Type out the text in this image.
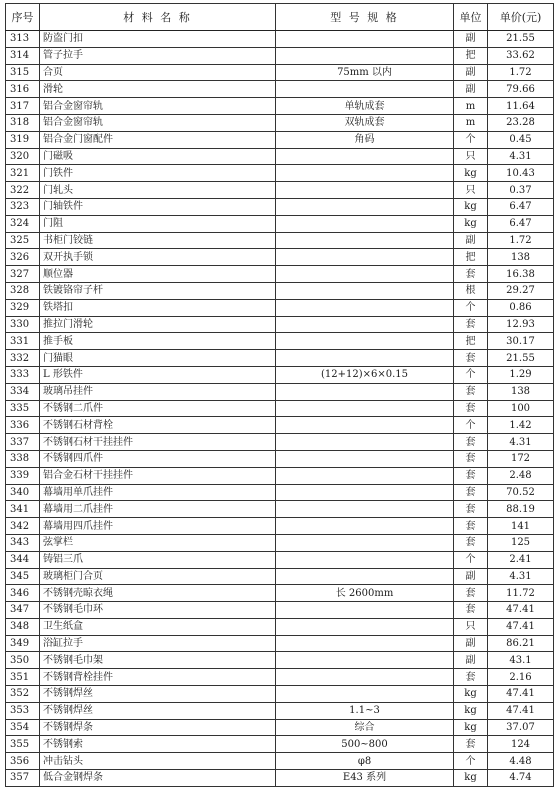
序号	材 料 名 称	型 号 规 格	单位	单价(元)
313	防盗门扣		副	21.55
314	管子拉手		把	33.62
315	合页	75mm 以内	副	1.72
316	滑轮		副	79.66
317	铝合金窗帘轨	单轨成套	m	11.64
318	铝合金窗帘轨	双轨成套	m	23.28
319	铝合金门窗配件	角码	个	0.45
320	门磁吸		只	4.31
321	门铁件		kg	10.43
322	门轧头		只	0.37
323	门轴铁件		kg	6.47
324	门阻		kg	6.47
325	书柜门铰链		副	1.72
326	双开执手锁		把	138
327	顺位器		套	16.38
328	铁镀铬帘子杆		根	29.27
329	铁塔扣		个	0.86
330	推拉门滑轮		套	12.93
331	推手板		把	30.17
332	门猫眼		套	21.55
333	L 形铁件	(12+12)×6×0.15	个	1.29
334	玻璃吊挂件		套	138
335	不锈钢二爪件		套	100
336	不锈钢石材背栓		个	1.42
337	不锈钢石材干挂挂件		套	4.31
338	不锈钢四爪件		套	172
339	铝合金石材干挂挂件		套	2.48
340	幕墙用单爪挂件		套	70.52
341	幕墙用二爪挂件		套	88.19
342	幕墙用四爪挂件		套	141
343	弦掌栏		套	125
344	铸铝三爪		个	2.41
345	玻璃柜门合页		副	4.31
346	不锈钢壳晾衣绳	长 2600mm	套	11.72
347	不锈钢毛巾环		套	47.41
348	卫生纸盒		只	47.41
349	浴缸拉手		副	86.21
350	不锈钢毛巾架		副	43.1
351	不锈钢背栓挂件		套	2.16
352	不锈钢焊丝		kg	47.41
353	不锈钢焊丝	1.1~3	kg	47.41
354	不锈钢焊条	综合	kg	37.07
355	不锈钢索	500~800	套	124
356	冲击钻头	φ8	个	4.48
357	低合金钢焊条	E43 系列	kg	4.74
